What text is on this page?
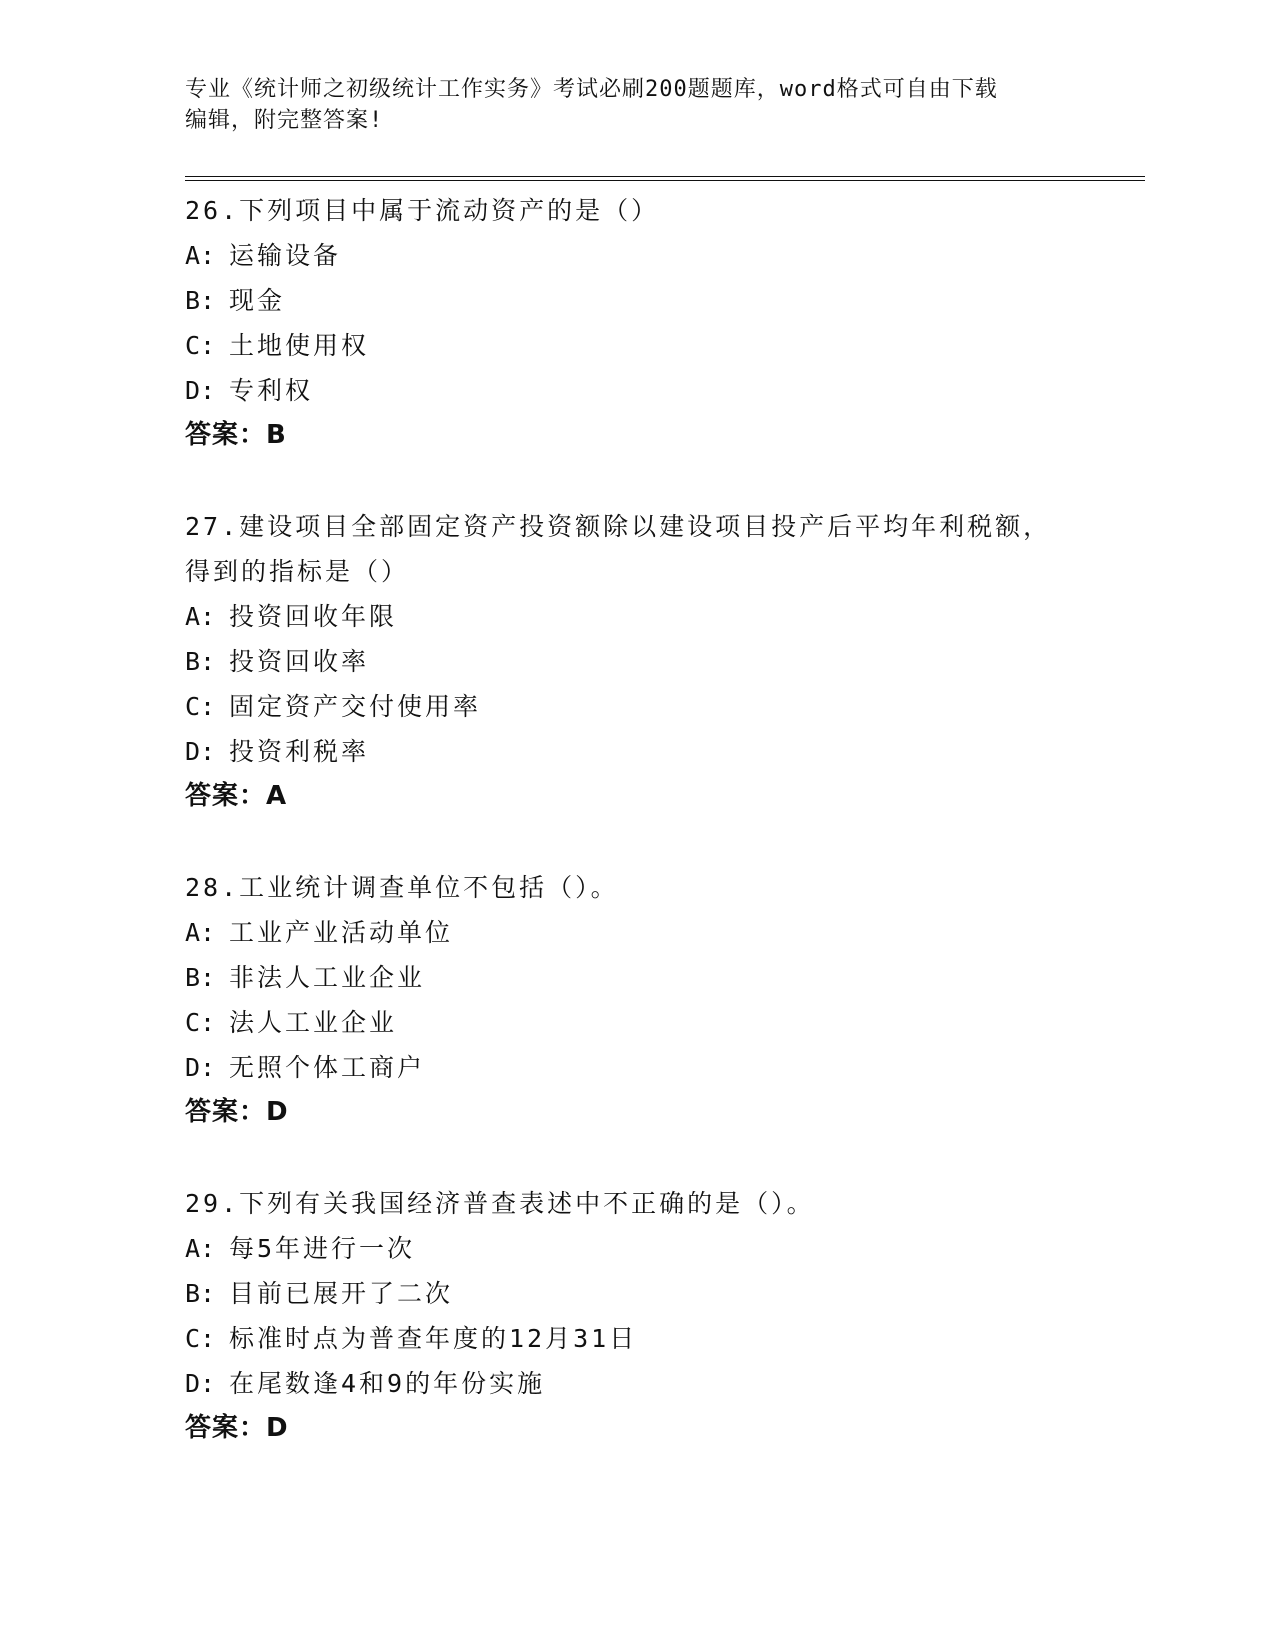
专业《统计师之初级统计工作实务》考试必刷200题题库，word格式可自由下载
编辑，附完整答案!
26.下列项目中属于流动资产的是（）
A: 运输设备
B: 现金
C: 土地使用权
D: 专利权
答案：B
27.建设项目全部固定资产投资额除以建设项目投产后平均年利税额，
得到的指标是（）
A: 投资回收年限
B: 投资回收率
C: 固定资产交付使用率
D: 投资利税率
答案：A
28.工业统计调查单位不包括（）。
A: 工业产业活动单位
B: 非法人工业企业
C: 法人工业企业
D: 无照个体工商户
答案：D
29.下列有关我国经济普查表述中不正确的是（）。
A: 每5年进行一次
B: 目前已展开了二次
C: 标准时点为普查年度的12月31日
D: 在尾数逢4和9的年份实施
答案：D
